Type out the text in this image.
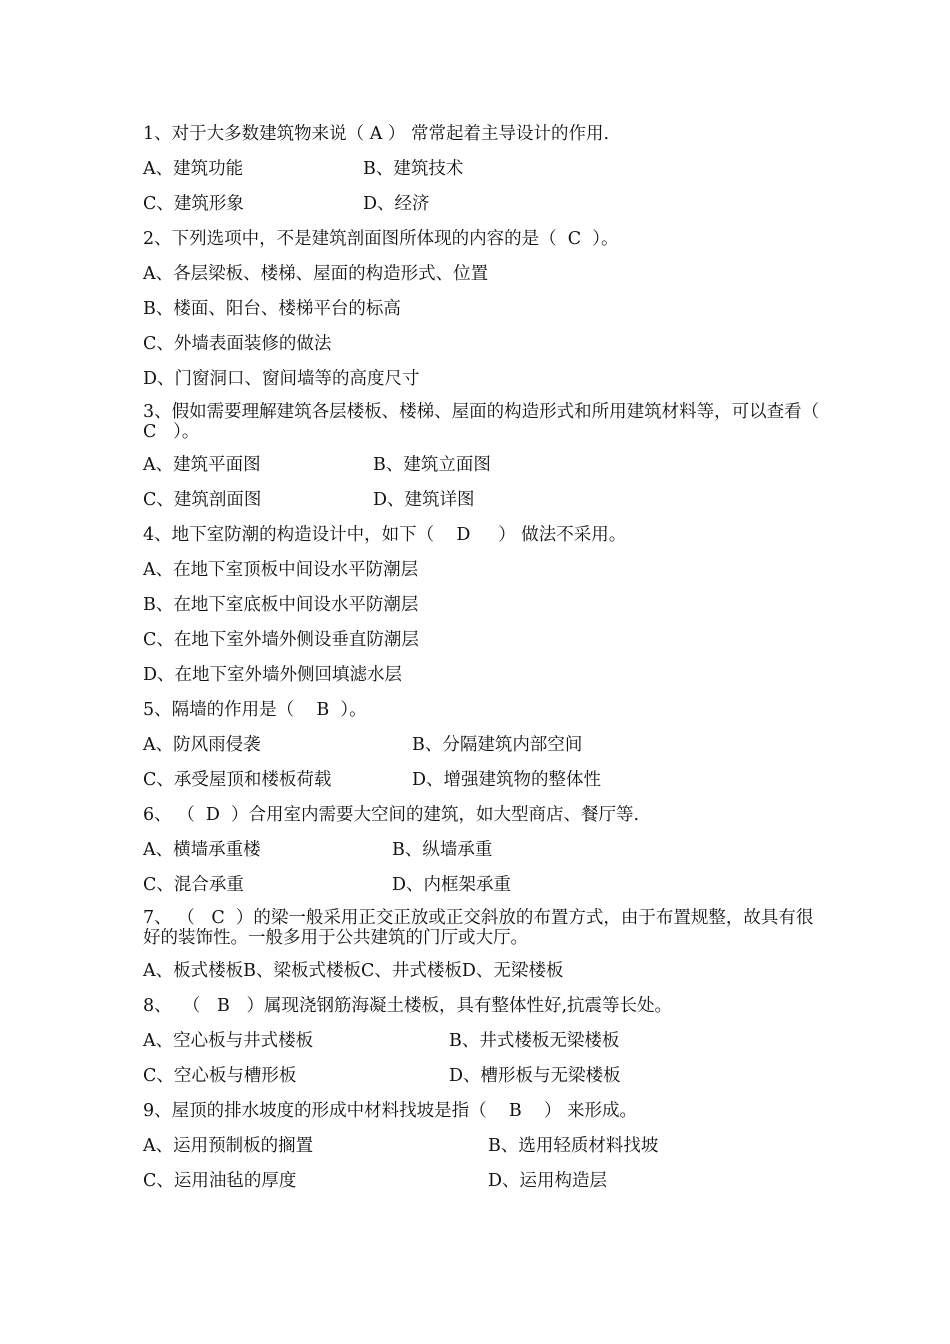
1、对于大多数建筑物来说（ A ） 常常起着主导设计的作用.
A、建筑功能	B、建筑技术
C、建筑形象	D、经济
2、下列选项中，不是建筑剖面图所体现的内容的是（  C  ）。
A、各层梁板、楼梯、屋面的构造形式、位置
B、楼面、阳台、楼梯平台的标高
C、外墙表面装修的做法
D、门窗洞口、窗间墙等的高度尺寸
3、假如需要理解建筑各层楼板、楼梯、屋面的构造形式和所用建筑材料等，可以查看（   C   ）。
A、建筑平面图	B、建筑立面图
C、建筑剖面图	D、建筑详图
4、地下室防潮的构造设计中，如下（    D     ） 做法不采用。
A、在地下室顶板中间设水平防潮层
B、在地下室底板中间设水平防潮层
C、在地下室外墙外侧设垂直防潮层
D、在地下室外墙外侧回填滤水层
5、隔墙的作用是（    B  ）。
A、防风雨侵袭	B、分隔建筑内部空间
C、承受屋顶和楼板荷载	D、增强建筑物的整体性
6、 （  D  ）合用室内需要大空间的建筑，如大型商店、餐厅等.
A、横墙承重楼	B、纵墙承重
C、混合承重	D、内框架承重
7、 （   C  ）的梁一般采用正交正放或正交斜放的布置方式，由于布置规整，故具有很好的装饰性。一般多用于公共建筑的门厅或大厅。
A、板式楼板B、梁板式楼板C、井式楼板D、无梁楼板
8、  （   B   ）属现浇钢筋海凝土楼板，具有整体性好,抗震等长处。
A、空心板与井式楼板	B、井式楼板无梁楼板
C、空心板与槽形板	D、槽形板与无梁楼板
9、屋顶的排水坡度的形成中材料找坡是指（    B    ） 来形成。
A、运用预制板的搁置	B、选用轻质材料找坡
C、运用油毡的厚度	D、运用构造层
